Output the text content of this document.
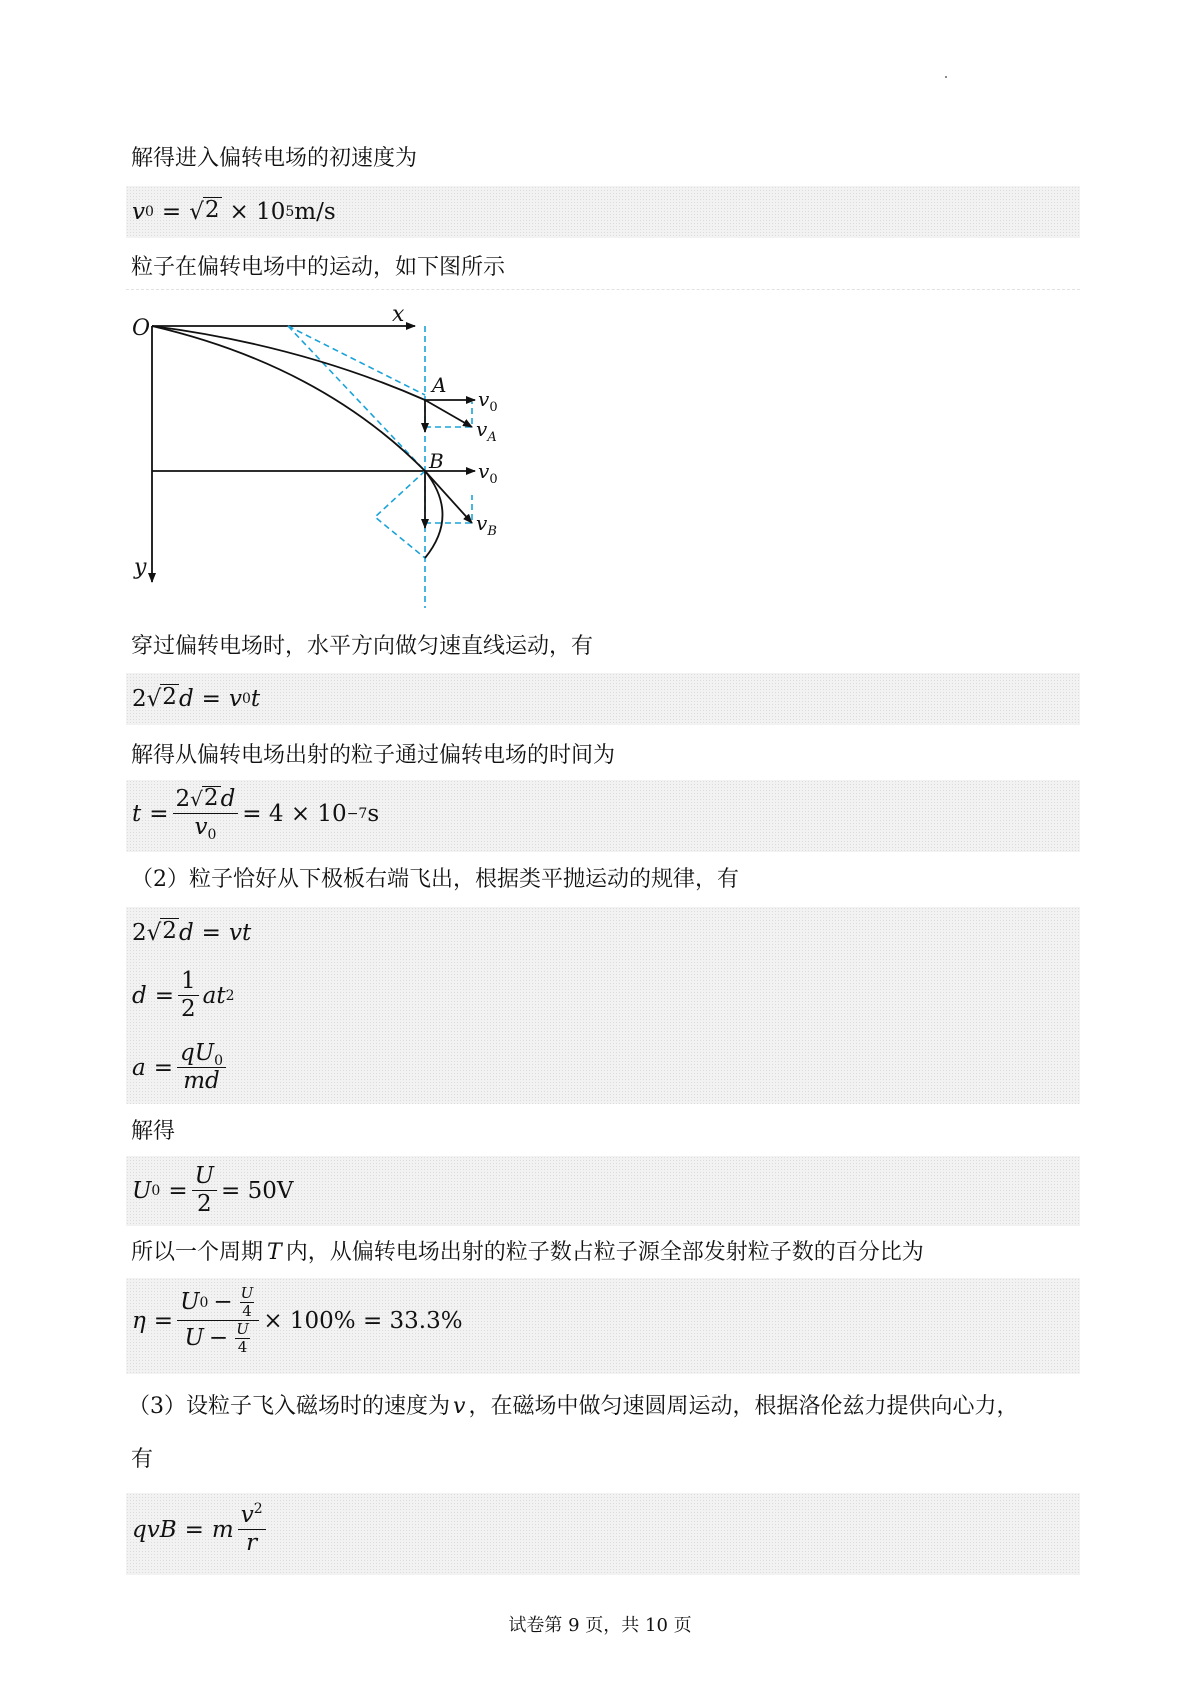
解得进入偏转电场的初速度为
v 0 = √ 2 × 10 5 m/s
粒子在偏转电场中的运动，如下图所示
O
x
y
A
B
$v_0$
$v_A$
$v_0$
$v_B$
穿过偏转电场时，水平方向做匀速直线运动，有
2 √ 2 d = v 0 t
解得从偏转电场出射的粒子通过偏转电场的时间为
$t = \frac{2 √ 2 d}{v_0} = 4 \times 10 -7$ s
（2）粒子恰好从下极板右端飞出，根据类平抛运动的规律，有
2 √ 2 d = vt
$d = \frac{1}{2}$ at 2
$a = \frac{qU_0}{md}$
解得
U $0 = \frac{U}{2} = 50V$
所以一个周期 T 内，从偏转电场出射的粒子数占粒子源全部发射粒子数的百分比为
$\eta = \frac{U 0 - \frac{U}{4}}{U - \frac{U}{4}} \times 100\% = 33.3\%$
（3）设粒子飞入磁场时的速度为 v ，在磁场中做匀速圆周运动，根据洛伦兹力提供向心力，
有
qvB = m $\frac{v^2}{r}$
试卷第 9 页，共 10 页
